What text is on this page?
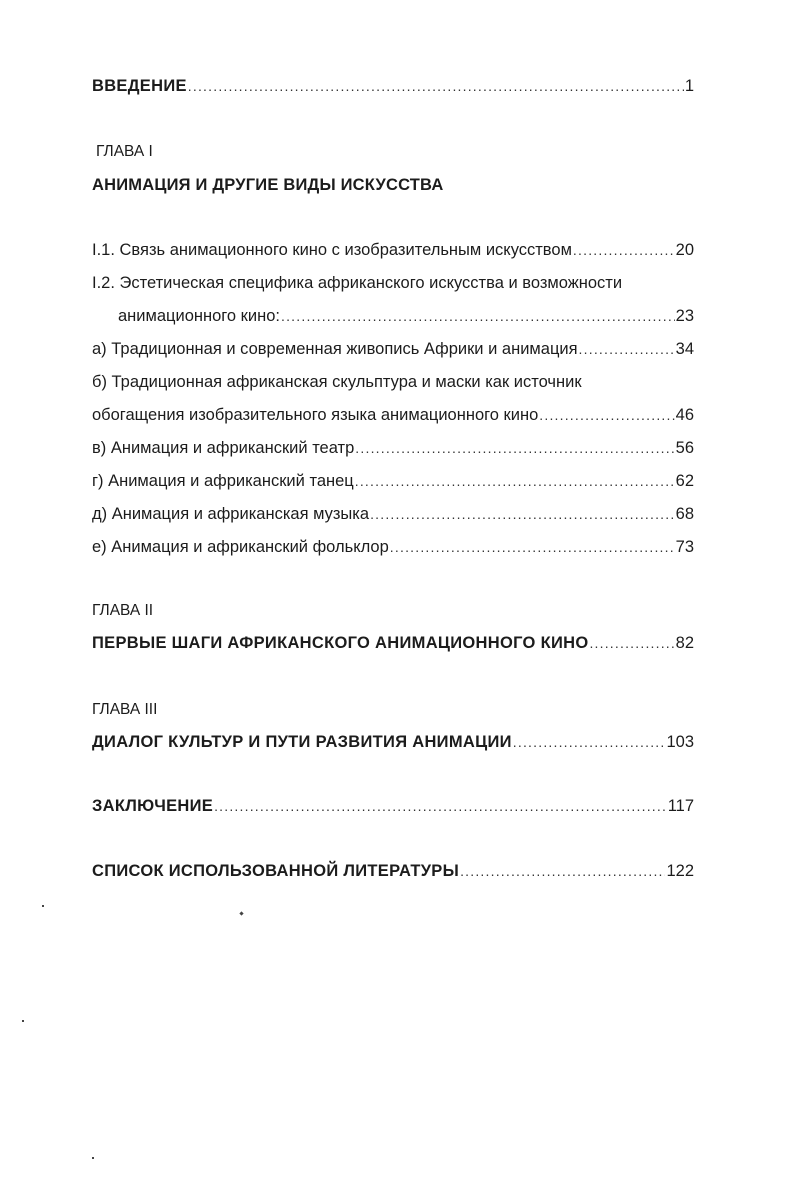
ВВЕДЕНИЕ .....	1
ГЛАВА I
АНИМАЦИЯ И ДРУГИЕ ВИДЫ ИСКУССТВА
I.1. Связь анимационного кино с изобразительным искусством .....	20
I.2. Эстетическая специфика африканского искусства и возможности
анимационного кино: .....	23
а) Традиционная и современная живопись Африки и анимация .....	34
б) Традиционная африканская скульптура и маски как источник
обогащения изобразительного языка анимационного кино .....	46
в) Анимация и африканский театр .....	56
г) Анимация и африканский танец .....	62
д) Анимация и африканская музыка .....	68
е) Анимация и африканский фольклор .....	73
ГЛАВА II
ПЕРВЫЕ ШАГИ АФРИКАНСКОГО АНИМАЦИОННОГО КИНО .....	82
ГЛАВА III
ДИАЛОГ КУЛЬТУР И ПУТИ РАЗВИТИЯ АНИМАЦИИ .....	103
ЗАКЛЮЧЕНИЕ .....	117
СПИСОК ИСПОЛЬЗОВАННОЙ ЛИТЕРАТУРЫ .....	122
